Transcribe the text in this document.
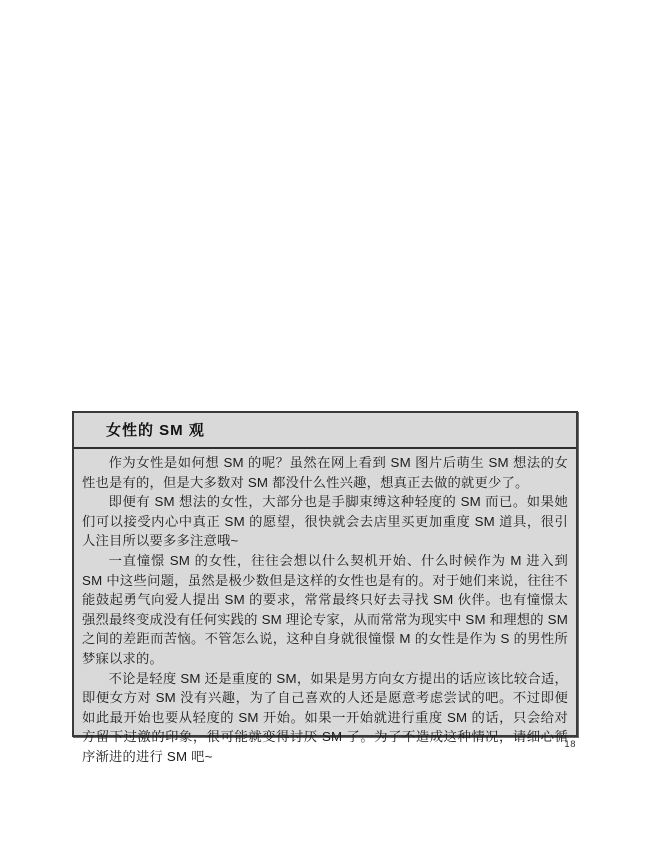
女性的 SM 观

作为女性是如何想 SM 的呢？虽然在网上看到 SM 图片后萌生 SM 想法的女性也是有的，但是大多数对 SM 都没什么性兴趣，想真正去做的就更少了。

即便有 SM 想法的女性，大部分也是手脚束缚这种轻度的 SM 而已。如果她们可以接受内心中真正 SM 的愿望，很快就会去店里买更加重度 SM 道具，很引人注目所以要多多注意哦~

一直憧憬 SM 的女性，往往会想以什么契机开始、什么时候作为 M 进入到 SM 中这些问题，虽然是极少数但是这样的女性也是有的。对于她们来说，往往不能鼓起勇气向爱人提出 SM 的要求，常常最终只好去寻找 SM 伙伴。也有憧憬太强烈最终变成没有任何实践的 SM 理论专家，从而常常为现实中 SM 和理想的 SM 之间的差距而苦恼。不管怎么说，这种自身就很憧憬 M 的女性是作为 S 的男性所梦寐以求的。

不论是轻度 SM 还是重度的 SM，如果是男方向女方提出的话应该比较合适，即便女方对 SM 没有兴趣，为了自己喜欢的人还是愿意考虑尝试的吧。不过即便如此最开始也要从轻度的 SM 开始。如果一开始就进行重度 SM 的话，只会给对方留下过激的印象，很可能就变得讨厌 SM 了。为了不造成这种情况，请细心循序渐进的进行 SM 吧~

18
